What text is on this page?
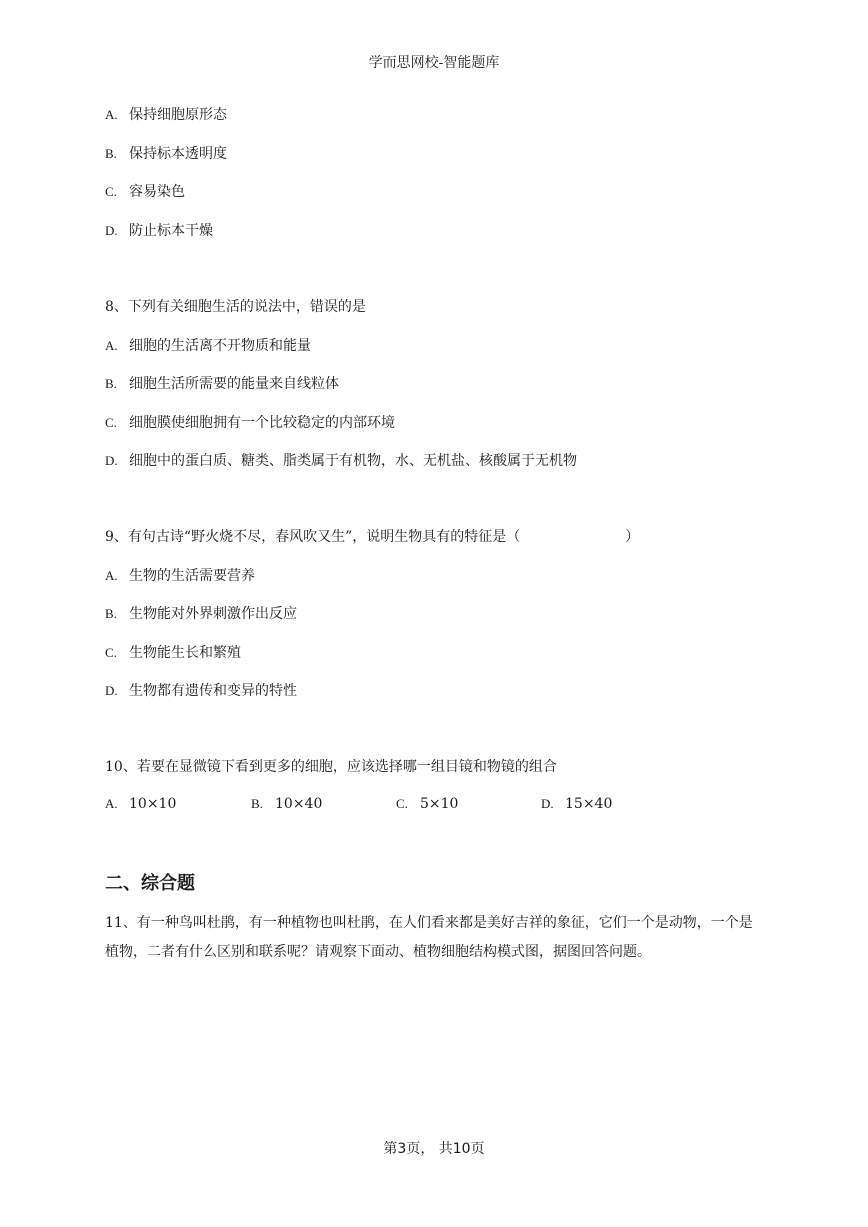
学而思网校-智能题库
A. 保持细胞原形态
B. 保持标本透明度
C. 容易染色
D. 防止标本干燥
8、下列有关细胞生活的说法中，错误的是
A. 细胞的生活离不开物质和能量
B. 细胞生活所需要的能量来自线粒体
C. 细胞膜使细胞拥有一个比较稳定的内部环境
D. 细胞中的蛋白质、糖类、脂类属于有机物，水、无机盐、核酸属于无机物
9、有句古诗“野火烧不尽，春风吹又生”，说明生物具有的特征是（	）
A. 生物的生活需要营养
B. 生物能对外界刺激作出反应
C. 生物能生长和繁殖
D. 生物都有遗传和变异的特性
10、若要在显微镜下看到更多的细胞，应该选择哪一组目镜和物镜的组合
A. 10×10	B. 10×40	C. 5×10	D. 15×40
二、综合题
11、有一种鸟叫杜鹃，有一种植物也叫杜鹃，在人们看来都是美好吉祥的象征，它们一个是动物，一个是植物，二者有什么区别和联系呢？请观察下面动、植物细胞结构模式图，据图回答问题。
第3页， 共10页
